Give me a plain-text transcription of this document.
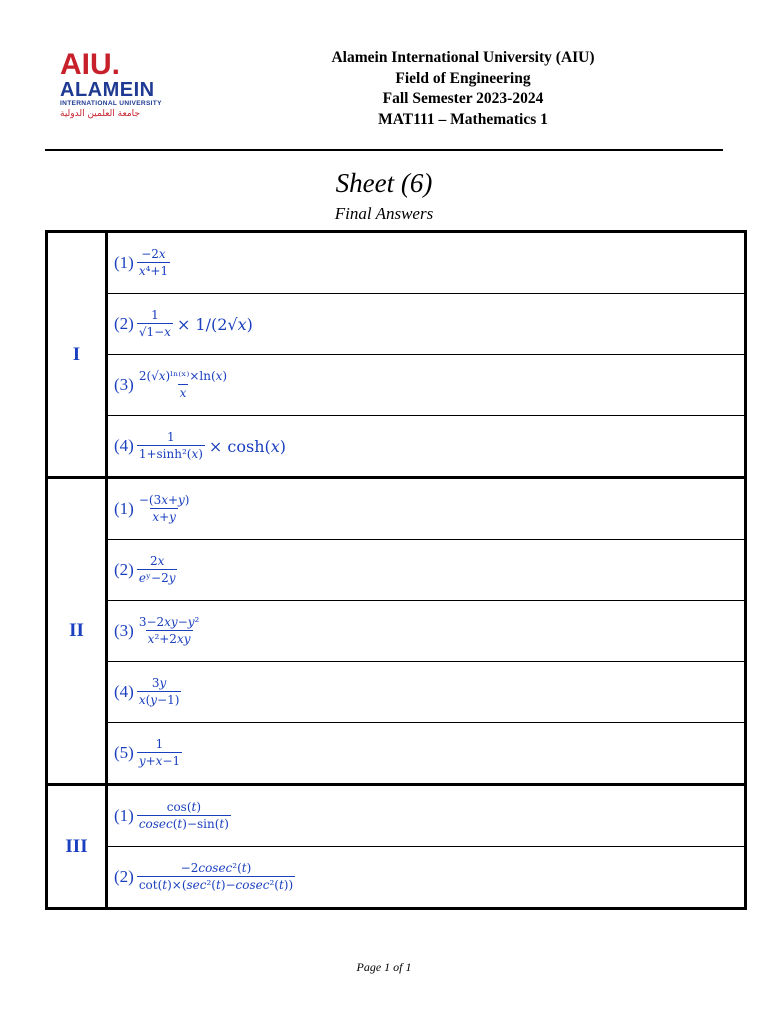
AIU.
ALAMEIN
INTERNATIONAL UNIVERSITY
جامعة العلمين الدولية
Alamein International University (AIU)
Field of Engineering
Fall Semester 2023-2024
MAT111 – Mathematics 1
Sheet (6)
Final Answers
I	$(1) \frac{\text{−2𝑥}}{\text{𝑥⁴+1}}$

	$(2) \frac{1}{\text{√1−𝑥}}$ × 1/(2√𝑥)

	$(3) \frac{\text{2(√𝑥)ˡⁿ⁽ˣ⁾×ln(𝑥)}}{\text{𝑥}}$

	$(4) \frac{1}{\text{1+sinh²(𝑥)}}$ × cosh(𝑥)

II	$(1) \frac{\text{−(3𝑥+𝑦)}}{\text{𝑥+𝑦}}$

	$(2) \frac{\text{2𝑥}}{\text{𝑒ʸ−2𝑦}}$

	$(3) \frac{\text{3−2𝑥𝑦−𝑦²}}{\text{𝑥²+2𝑥𝑦}}$

	$(4) \frac{\text{3𝑦}}{\text{𝑥(𝑦−1)}}$

	$(5) \frac{1}{\text{𝑦+𝑥−1}}$

III	$(1) \frac{\text{cos(𝑡)}}{\text{𝑐𝑜𝑠𝑒𝑐(𝑡)−sin(𝑡)}}$

	$(2) \frac{\text{−2𝑐𝑜𝑠𝑒𝑐²(𝑡)}}{\text{cot(𝑡)×(𝑠𝑒𝑐²(𝑡)−𝑐𝑜𝑠𝑒𝑐²(𝑡))}}$
Page 1 of 1
